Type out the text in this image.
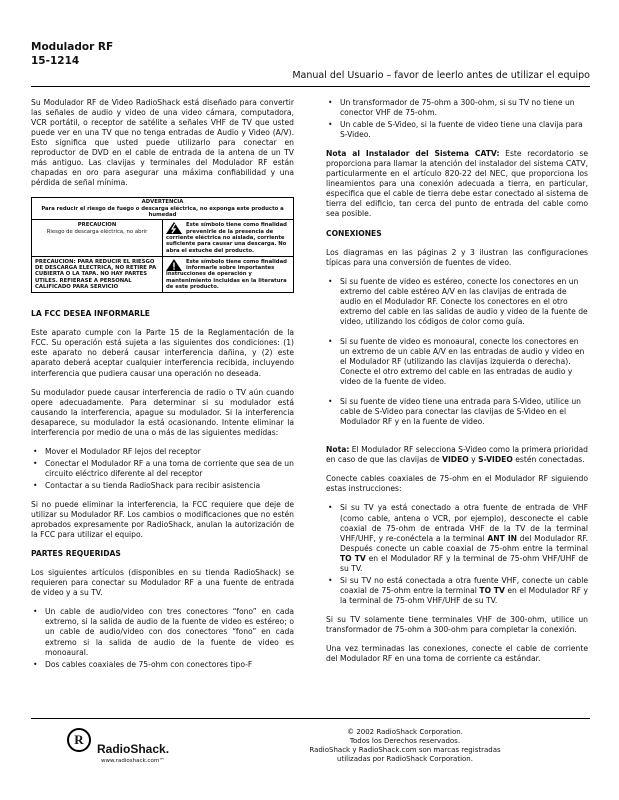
Modulador RF
15-1214
Manual del Usuario – favor de leerlo antes de utilizar el equipo

Su Modulador RF de Video RadioShack está diseñado para convertir las señales de audio y video de una video cámara, computadora, VCR portátil, o receptor de satélite a señales VHF de TV que usted puede ver en una TV que no tenga entradas de Audio y Video (A/V). Esto significa que usted puede utilizarlo para conectar en reproductor de DVD en el cable de entrada de la antena de un TV más antiguo. Las clavijas y terminales del Modulador RF están chapadas en oro para asegurar una máxima confiabilidad y una pérdida de señal mínima.

ADVERTENCIA
Para reducir el riesgo de fuego o descarga eléctrica, no exponga este producto a humedad
PRECAUCION
Riesgo de descarga eléctrica, no abrir
Este símbolo tiene como finalidad prevenirle de la presencia de corriente eléctrica no aislada, corriente suficiente para causar una descarga. No abra el estuche del producto.
PRECAUCION: PARA REDUCIR EL RIESGO DE DESCARGA ELECTRICA, NO RETIRE PA CUBIERTA O LA TAPA. NO HAY PARTES UTILES. REFIERASE A PERSONAL CALIFICADO PARA SERVICIO
Este símbolo tiene como finalidad informarle sobre importantes instrucciones de operación y mantenimiento incluidas en la literatura de este producto.
LA FCC DESEA INFORMARLE

Este aparato cumple con la Parte 15 de la Reglamentación de la FCC. Su operación está sujeta a las siguientes dos condiciones: (1) este aparato no deberá causar interferencia dañina, y (2) este aparato deberá aceptar cualquier interferencia recibida, incluyendo interferencia que pudiera causar una operación no deseada.

Su modulador puede causar interferencia de radio o TV aún cuando opere adecuadamente. Para determinar si su modulador está causando la interferencia, apague su modulador. Si la interferencia desaparece, su modulador la está ocasionando. Intente eliminar la interferencia por medio de una o más de las siguientes medidas:

• Mover el Modulador RF lejos del receptor
• Conectar el Modulador RF a una toma de corriente que sea de un circuito eléctrico diferente al del receptor
• Contactar a su tienda RadioShack para recibir asistencia

Si no puede eliminar la interferencia, la FCC requiere que deje de utilizar su Modulador RF. Los cambios o modificaciones que no estén aprobados expresamente por RadioShack, anulan la autorización de la FCC para utilizar el equipo.

PARTES REQUERIDAS

Los siguientes artículos (disponibles en su tienda RadioShack) se requieren para conectar su Modulador RF a una fuente de entrada de video y a su TV.

• Un cable de audio/video con tres conectores “fono” en cada extremo, si la salida de audio de la fuente de video es estéreo; o un cable de audio/video con dos conectores “fono” en cada extremo si la salida de audio de la fuente de video es monoaural.
• Dos cables coaxiales de 75-ohm con conectores tipo-F
• Un transformador de 75-ohm a 300-ohm, si su TV no tiene un conector VHF de 75-ohm.
• Un cable de S-Video, si la fuente de video tiene una clavija para S-Video.

Nota al Instalador del Sistema CATV: Este recordatorio se proporciona para llamar la atención del instalador del sistema CATV, particularmente en el artículo 820-22 del NEC, que proporciona los lineamientos para una conexión adecuada a tierra, en particular, especifica que el cable de tierra debe estar conectado al sistema de tierra del edificio, tan cerca del punto de entrada del cable como sea posible.

CONEXIONES

Los diagramas en las páginas 2 y 3 ilustran las configuraciones típicas para una conversión de fuentes de video.

• Si su fuente de video es estéreo, conecte los conectores en un extremo del cable estéreo A/V en las clavijas de entrada de audio en el Modulador RF. Conecte los conectores en el otro extremo del cable en las salidas de audio y video de la fuente de video, utilizando los códigos de color como guía.
• Si su fuente de video es monoaural, conecte los conectores en un extremo de un cable A/V en las entradas de audio y video en el Modulador RF (utilizando las clavijas izquierda o derecha). Conecte el otro extremo del cable en las entradas de audio y video de la fuente de video.
• Si su fuente de video tiene una entrada para S-Video, utilice un cable de S-Video para conectar las clavijas de S-Video en el Modulador RF y en la fuente de video.

Nota: El Modulador RF selecciona S-Video como la primera prioridad en caso de que las clavijas de VIDEO y S-VIDEO estén conectadas.

Conecte cables coaxiales de 75-ohm en el Modulador RF siguiendo estas instrucciones:

• Si su TV ya está conectado a otra fuente de entrada de VHF (como cable, antena o VCR, por ejemplo), desconecte el cable coaxial de 75-ohm de entrada VHF de la TV de la terminal VHF/UHF, y re-conéctela a la terminal ANT IN del Modulador RF. Después conecte un cable coaxial de 75-ohm entre la terminal TO TV en el Modulador RF y la terminal de 75-ohm VHF/UHF de su TV.
• Si su TV no está conectada a otra fuente VHF, conecte un cable coaxial de 75-ohm entre la terminal TO TV en el Modulador RF y la terminal de 75-ohm VHF/UHF de su TV.

Si su TV solamente tiene terminales VHF de 300-ohm, utilice un transformador de 75-ohm a 300-ohm para completar la conexión.

Una vez terminadas las conexiones, conecte el cable de corriente del Modulador RF en una toma de corriente ca estándar.

R
RadioShack.
www.radioshack.com™
© 2002 RadioShack Corporation.
Todos los Derechos reservados.
RadioShack y RadioShack.com son marcas registradas
utilizadas por RadioShack Corporation.
